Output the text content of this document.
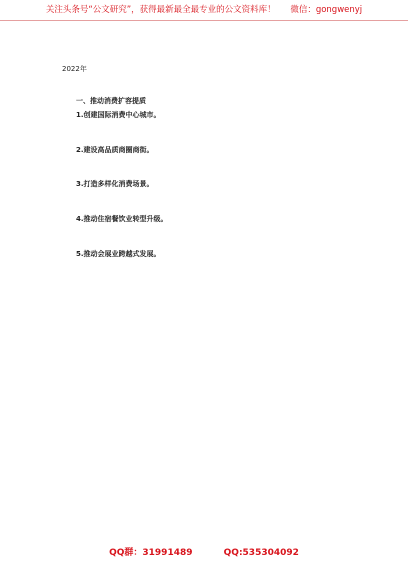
关注头条号“公文研究”，获得最新最全最专业的公文资料库！ 微信：gongwenyj

2022年

一、推动消费扩容提质

1.创建国际消费中心城市。

2.建设高品质商圈商街。

3.打造多样化消费场景。

4.推动住宿餐饮业转型升级。

5.推动会展业跨越式发展。

QQ群：31991489	QQ:535304092
